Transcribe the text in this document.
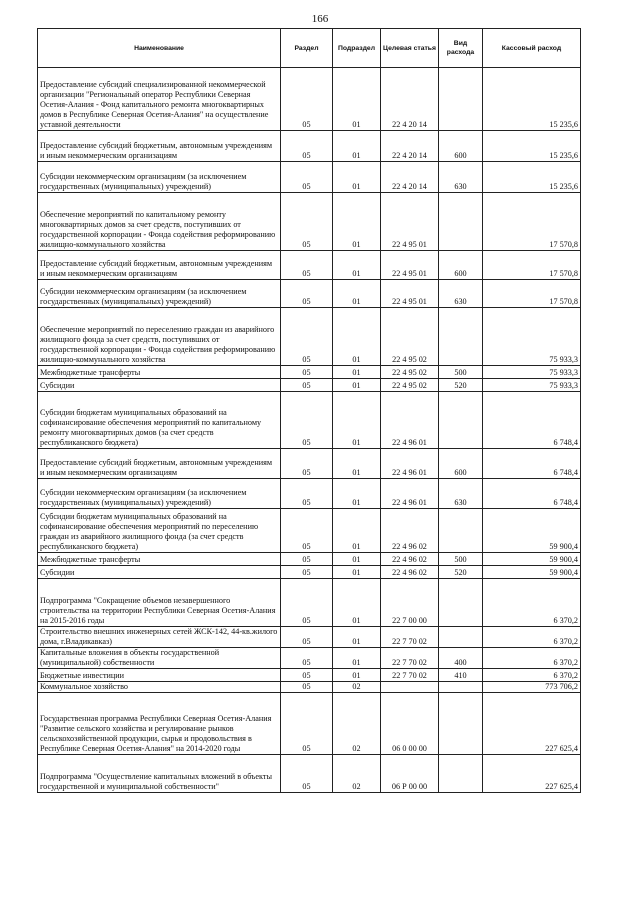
166
Наименование	Раздел	Подраздел	Целевая статья	Вид расхода	Кассовый расход
Предоставление субсидий специализированной некоммерческой организации "Региональный оператор Республики Северная Осетия-Алания - Фонд капитального ремонта многоквартирных домов в Республике Северная Осетия-Алания" на осуществление уставной деятельности	05	01	22 4 20 14		15 235,6
Предоставление субсидий бюджетным, автономным учреждениям и иным некоммерческим организациям	05	01	22 4 20 14	600	15 235,6
Субсидии некоммерческим организациям (за исключением государственных (муниципальных) учреждений)	05	01	22 4 20 14	630	15 235,6
Обеспечение мероприятий по капитальному ремонту многоквартирных домов за счет средств, поступивших от государственной корпорации - Фонда содействия реформированию жилищно-коммунального хозяйства	05	01	22 4 95 01		17 570,8
Предоставление субсидий бюджетным, автономным учреждениям и иным некоммерческим организациям	05	01	22 4 95 01	600	17 570,8
Субсидии некоммерческим организациям (за исключением государственных (муниципальных) учреждений)	05	01	22 4 95 01	630	17 570,8
Обеспечение мероприятий по переселению граждан из аварийного жилищного фонда за счет средств, поступивших от государственной корпорации - Фонда содействия реформированию жилищно-коммунального хозяйства	05	01	22 4 95 02		75 933,3
Межбюджетные трансферты	05	01	22 4 95 02	500	75 933,3
Субсидии	05	01	22 4 95 02	520	75 933,3
Субсидии бюджетам муниципальных образований на софинансирование обеспечения мероприятий по капитальному ремонту многоквартирных домов (за счет средств республиканского бюджета)	05	01	22 4 96 01		6 748,4
Предоставление субсидий бюджетным, автономным учреждениям и иным некоммерческим организациям	05	01	22 4 96 01	600	6 748,4
Субсидии некоммерческим организациям (за исключением государственных (муниципальных) учреждений)	05	01	22 4 96 01	630	6 748,4
Субсидии бюджетам муниципальных образований на софинансирование обеспечения мероприятий по переселению граждан из аварийного жилищного фонда (за счет средств республиканского бюджета)	05	01	22 4 96 02		59 900,4
Межбюджетные трансферты	05	01	22 4 96 02	500	59 900,4
Субсидии	05	01	22 4 96 02	520	59 900,4
Подпрограмма "Сокращение объемов незавершенного строительства на территории Республики Северная Осетия-Алания на 2015-2016 годы	05	01	22 7 00 00		6 370,2
Строительство внешних инженерных сетей ЖСК-142, 44-кв.жилого дома, г.Владикавказ)	05	01	22 7 70 02		6 370,2
Капитальные вложения в объекты государственной (муниципальной) собственности	05	01	22 7 70 02	400	6 370,2
Бюджетные инвестиции	05	01	22 7 70 02	410	6 370,2
Коммунальное хозяйство	05	02			773 706,2
Государственная программа Республики Северная Осетия-Алания "Развитие сельского хозяйства и регулирование рынков сельскохозяйственной продукции, сырья и продовольствия в Республике Северная Осетия-Алания" на 2014-2020 годы	05	02	06 0 00 00		227 625,4
Подпрограмма "Осуществление капитальных вложений в объекты государственной и муниципальной собственности"	05	02	06 Р 00 00		227 625,4
